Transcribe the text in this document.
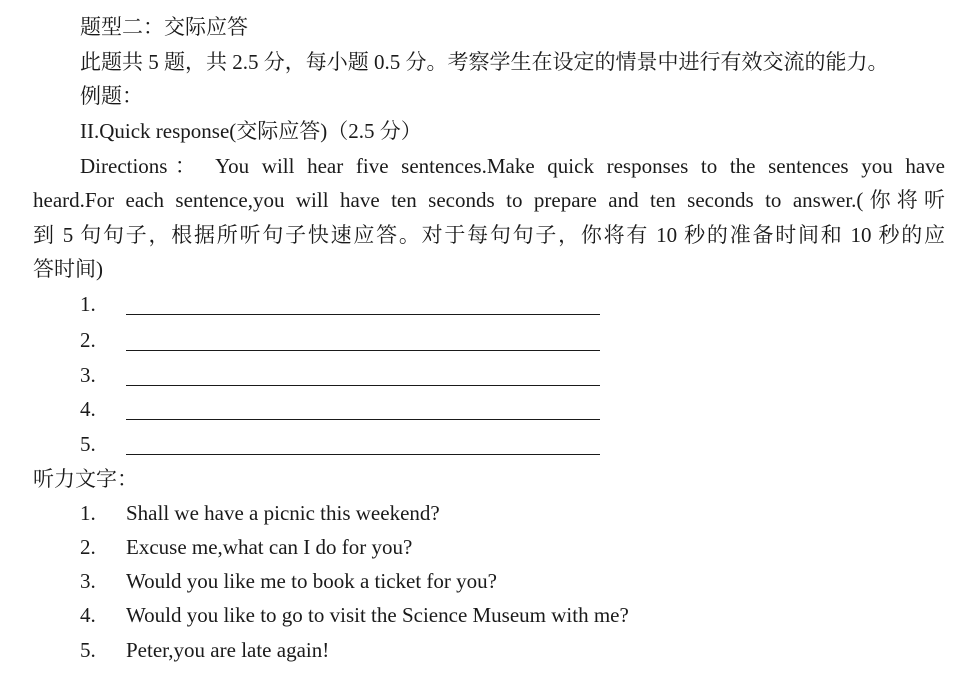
题型二：交际应答
此题共 5 题，共 2.5 分，每小题 0.5 分。考察学生在设定的情景中进行有效交流的能力。
例题：
II.Quick response(交际应答)（2.5 分）
Directions： You will hear five sentences.Make quick responses to the sentences you have
heard.For each sentence,you will have ten seconds to prepare and ten seconds to answer.(你将听
到 5 句句子，根据所听句子快速应答。对于每句句子，你将有 10 秒的准备时间和 10 秒的应
答时间)
1.
2.
3.
4.
5.
听力文字：
1. Shall we have a picnic this weekend?
2. Excuse me,what can I do for you?
3. Would you like me to book a ticket for you?
4. Would you like to go to visit the Science Museum with me?
5. Peter,you are late again!
